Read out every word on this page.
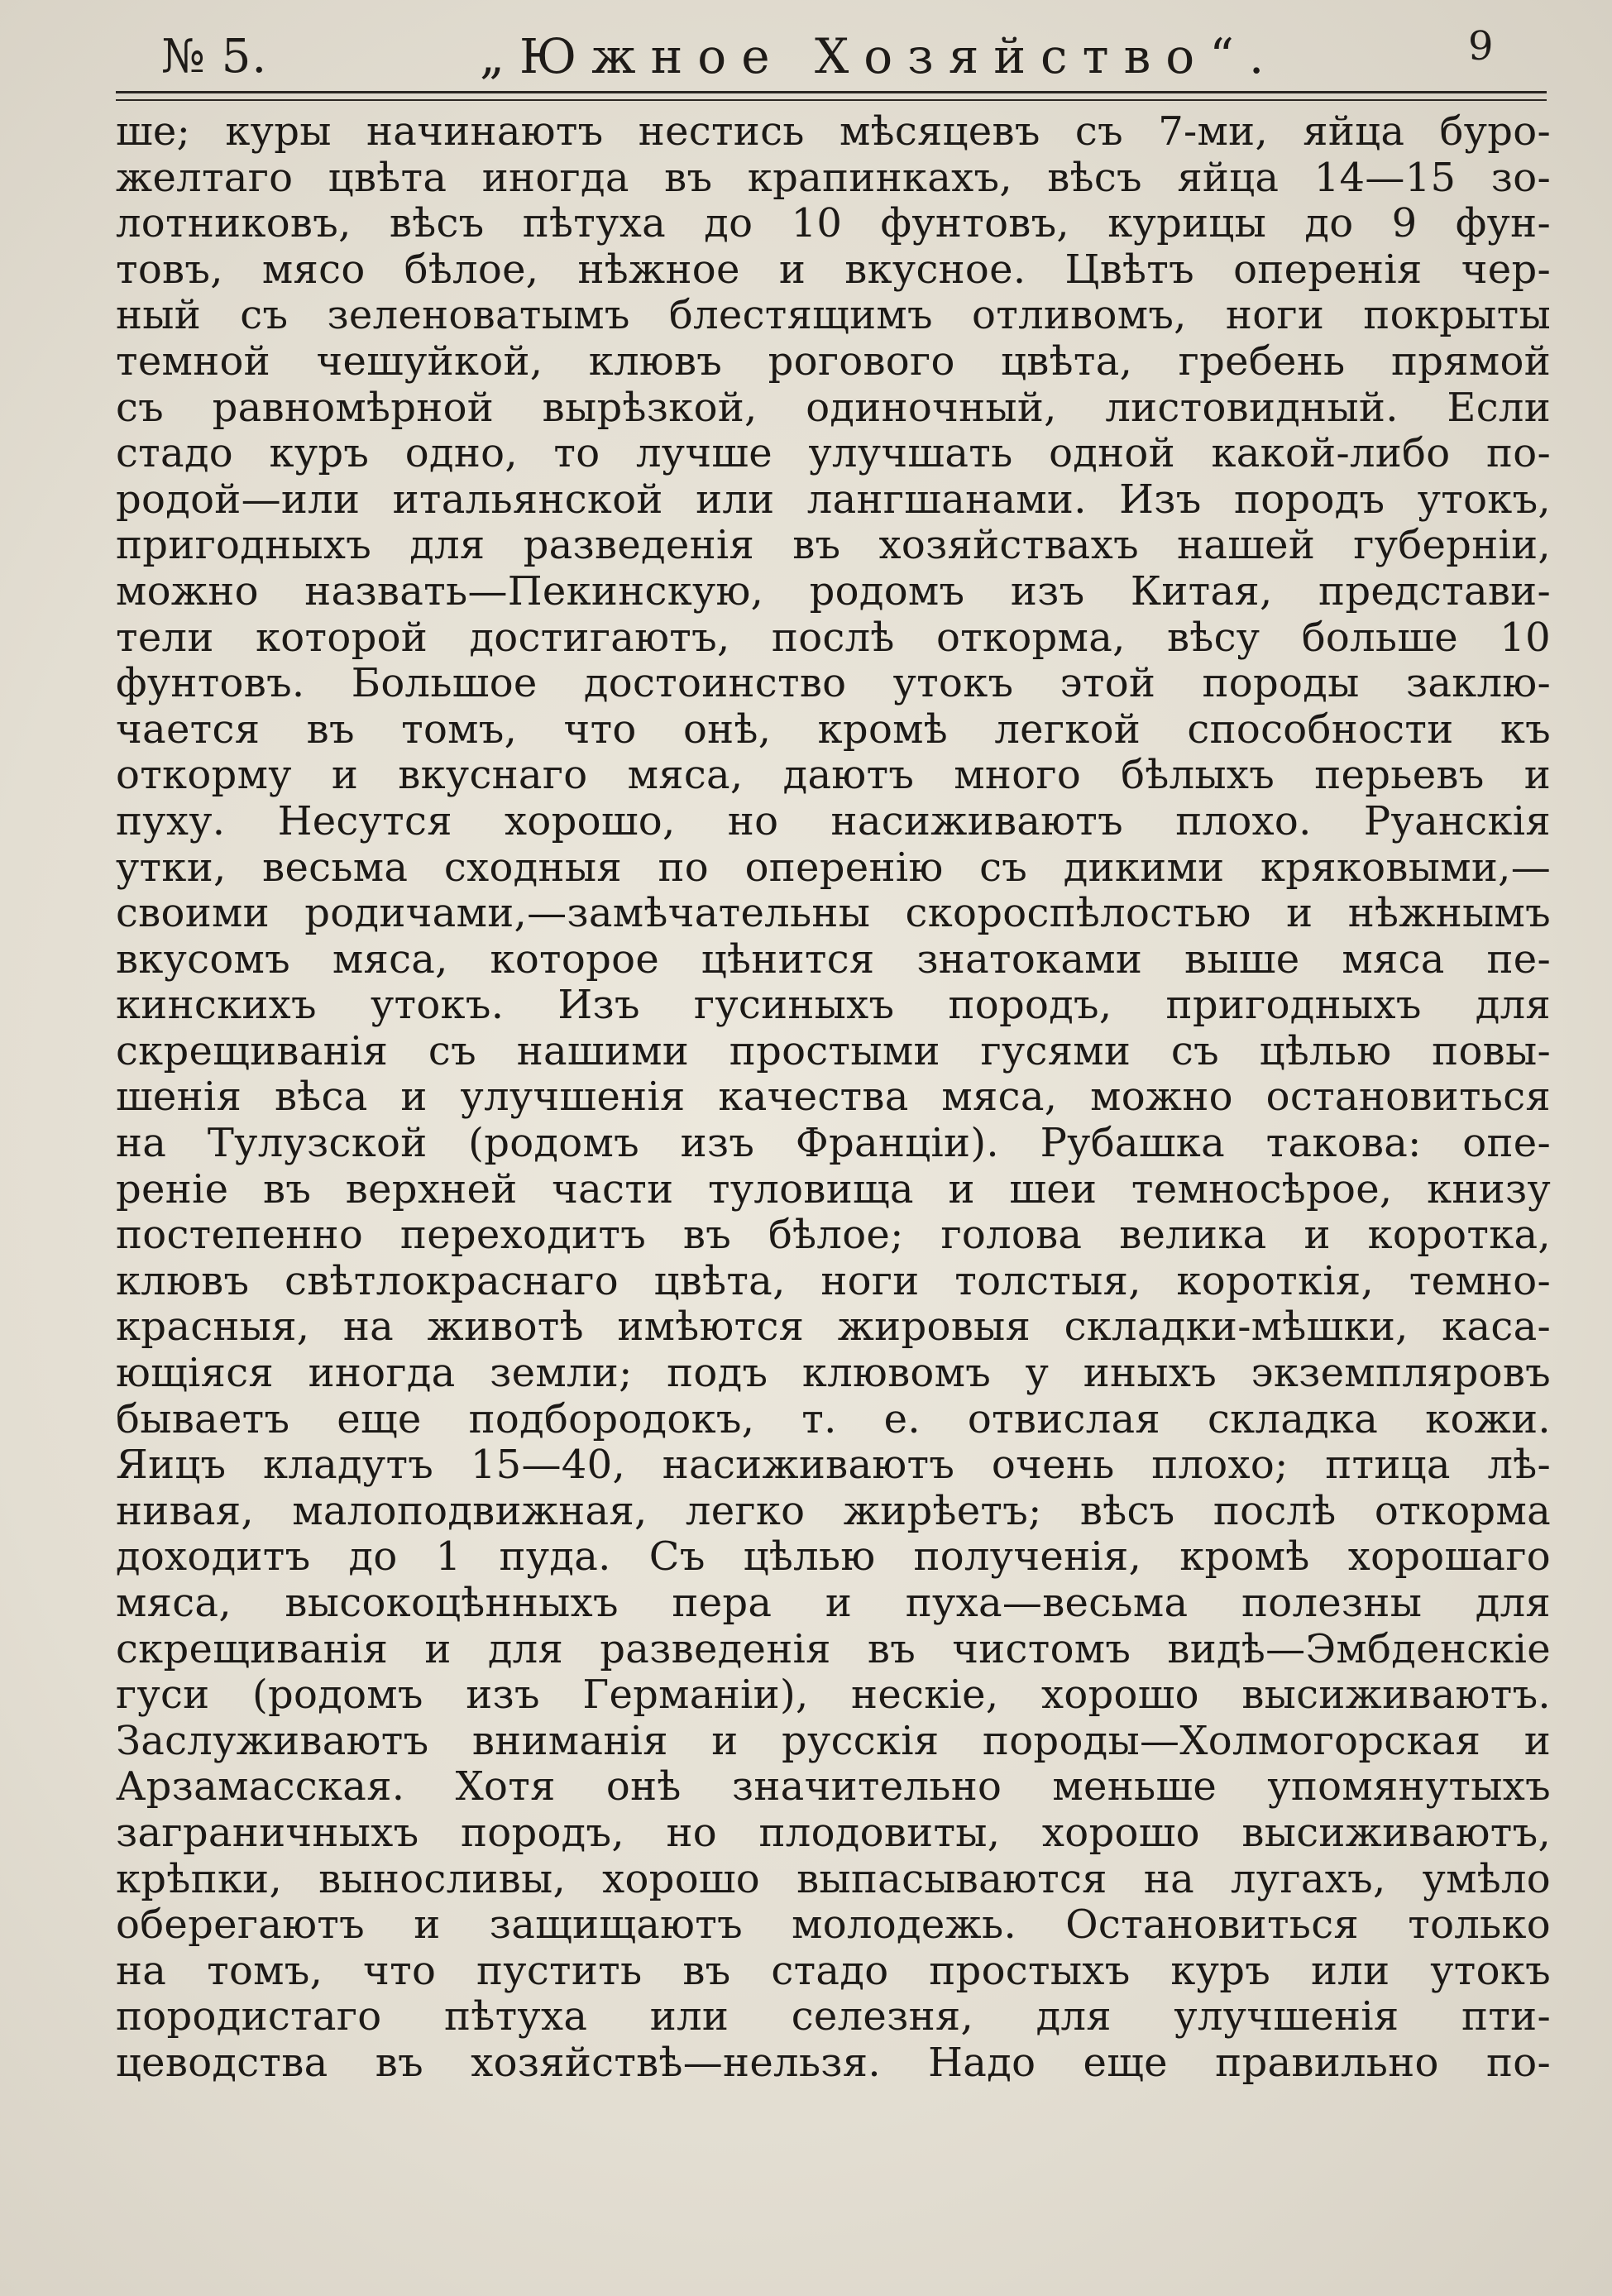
№ 5.	„Южное Хозяйство“.	9
ше; куры начинаютъ нестись мѣсяцевъ съ 7-ми, яйца буро-
желтаго цвѣта иногда въ крапинкахъ, вѣсъ яйца 14—15 зо-
лотниковъ, вѣсъ пѣтуха до 10 фунтовъ, курицы до 9 фун-
товъ, мясо бѣлое, нѣжное и вкусное. Цвѣтъ оперенія чер-
ный съ зеленоватымъ блестящимъ отливомъ, ноги покрыты
темной чешуйкой, клювъ рогового цвѣта, гребень прямой
съ равномѣрной вырѣзкой, одиночный, листовидный. Если
стадо куръ одно, то лучше улучшать одной какой-либо по-
родой—или итальянской или лангшанами. Изъ породъ утокъ,
пригодныхъ для разведенія въ хозяйствахъ нашей губерніи,
можно назвать—Пекинскую, родомъ изъ Китая, представи-
тели которой достигаютъ, послѣ откорма, вѣсу больше 10
фунтовъ. Большое достоинство утокъ этой породы заклю-
чается въ томъ, что онѣ, кромѣ легкой способности къ
откорму и вкуснаго мяса, даютъ много бѣлыхъ перьевъ и
пуху. Несутся хорошо, но насиживаютъ плохо. Руанскія
утки, весьма сходныя по оперенію съ дикими кряковыми,—
своими родичами,—замѣчательны скороспѣлостью и нѣжнымъ
вкусомъ мяса, которое цѣнится знатоками выше мяса пе-
кинскихъ утокъ. Изъ гусиныхъ породъ, пригодныхъ для
скрещиванія съ нашими простыми гусями съ цѣлью повы-
шенія вѣса и улучшенія качества мяса, можно остановиться
на Тулузской (родомъ изъ Франціи). Рубашка такова: опе-
реніе въ верхней части туловища и шеи темносѣрое, книзу
постепенно переходитъ въ бѣлое; голова велика и коротка,
клювъ свѣтлокраснаго цвѣта, ноги толстыя, короткія, темно-
красныя, на животѣ имѣются жировыя складки-мѣшки, каса-
ющіяся иногда земли; подъ клювомъ у иныхъ экземпляровъ
бываетъ еще подбородокъ, т. е. отвислая складка кожи.
Яицъ кладутъ 15—40, насиживаютъ очень плохо; птица лѣ-
нивая, малоподвижная, легко жирѣетъ; вѣсъ послѣ откорма
доходитъ до 1 пуда. Съ цѣлью полученія, кромѣ хорошаго
мяса, высокоцѣнныхъ пера и пуха—весьма полезны для
скрещиванія и для разведенія въ чистомъ видѣ—Эмбденскіе
гуси (родомъ изъ Германіи), нескіе, хорошо высиживаютъ.
Заслуживаютъ вниманія и русскія породы—Холмогорская и
Арзамасская. Хотя онѣ значительно меньше упомянутыхъ
заграничныхъ породъ, но плодовиты, хорошо высиживаютъ,
крѣпки, выносливы, хорошо выпасываются на лугахъ, умѣло
оберегаютъ и защищаютъ молодежь. Остановиться только
на томъ, что пустить въ стадо простыхъ куръ или утокъ
породистаго пѣтуха или селезня, для улучшенія пти-
цеводства въ хозяйствѣ—нельзя. Надо еще правильно по-
